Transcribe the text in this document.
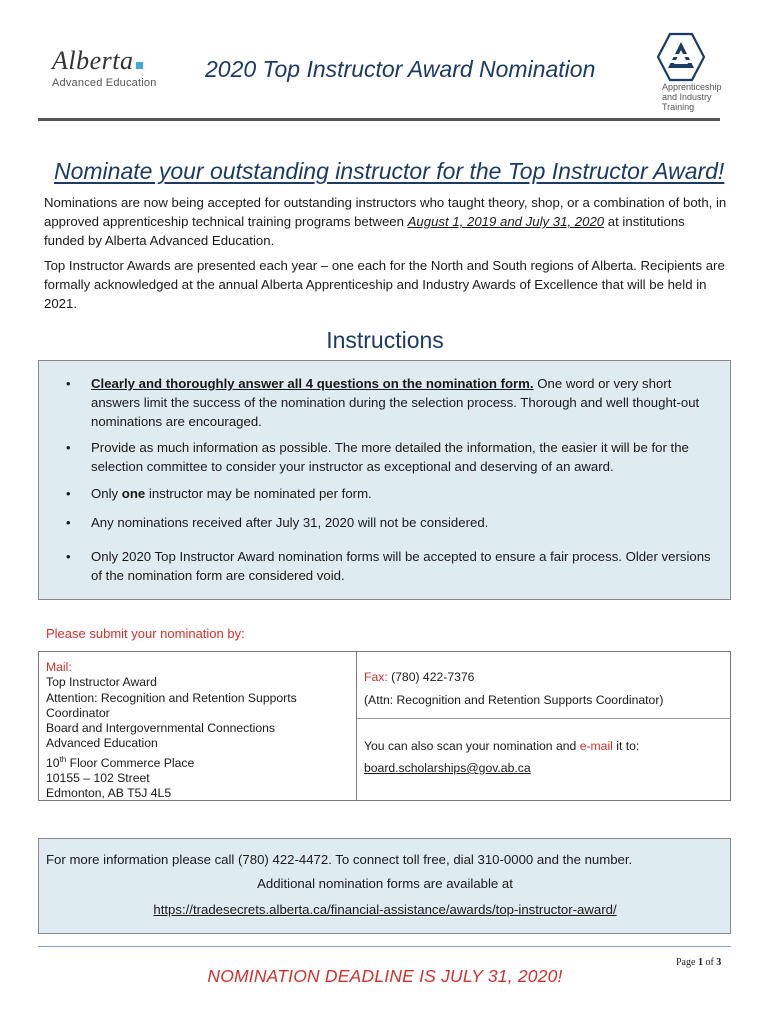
Alberta
Advanced Education
2020 Top Instructor Award Nomination
Apprenticeship
and Industry
Training
Nominate your outstanding instructor for the Top Instructor Award!
Nominations are now being accepted for outstanding instructors who taught theory, shop, or a combination of both, in approved apprenticeship technical training programs between August 1, 2019 and July 31, 2020 at institutions funded by Alberta Advanced Education.
Top Instructor Awards are presented each year – one each for the North and South regions of Alberta. Recipients are formally acknowledged at the annual Alberta Apprenticeship and Industry Awards of Excellence that will be held in 2021.
Instructions
•	Clearly and thoroughly answer all 4 questions on the nomination form. One word or very short answers limit the success of the nomination during the selection process. Thorough and well thought-out nominations are encouraged.
•	Provide as much information as possible. The more detailed the information, the easier it will be for the selection committee to consider your instructor as exceptional and deserving of an award.
•	Only one instructor may be nominated per form.
•	Any nominations received after July 31, 2020 will not be considered.
•	Only 2020 Top Instructor Award nomination forms will be accepted to ensure a fair process. Older versions of the nomination form are considered void.
Please submit your nomination by:
Mail:
Top Instructor Award
Attention: Recognition and Retention Supports Coordinator
Board and Intergovernmental Connections
Advanced Education
10th Floor Commerce Place
10155 – 102 Street
Edmonton, AB T5J 4L5
Fax: (780) 422-7376
(Attn: Recognition and Retention Supports Coordinator)
You can also scan your nomination and e-mail it to:
board.scholarships@gov.ab.ca
For more information please call (780) 422-4472. To connect toll free, dial 310-0000 and the number.
Additional nomination forms are available at
https://tradesecrets.alberta.ca/financial-assistance/awards/top-instructor-award/
Page 1 of 3
NOMINATION DEADLINE IS JULY 31, 2020!
